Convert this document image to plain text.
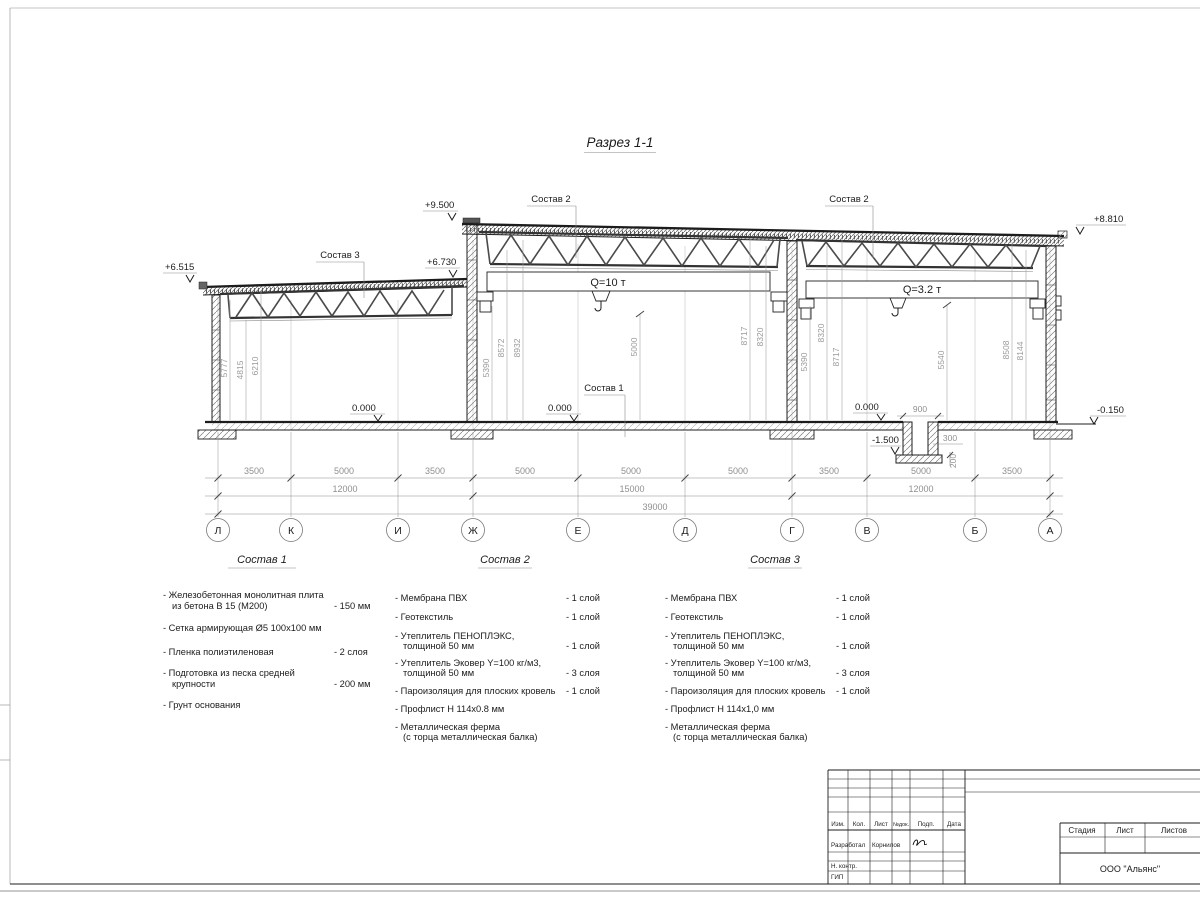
Разрез 1-1
Q=10 т
Q=3.2 т
900
300
200
+6.515
+9.500
+6.730
+8.810
-0.150
0.000	0.000	0.000
-1.500
5777 4815 6210	5390
8572 8932	5000
8717 8320
5390
8320
8717	5540
8508 8144
Состав 3
Состав 2	Состав 2
Состав 1
3500	5000	3500	5000	5000	5000	3500	5000	3500
12000	15000	12000
39000
Л	К	И	Ж	Е	Д	Г	В	Б	А
Состав 1
- Железобетонная монолитная плита
из бетона В 15 (М200)	- 150 мм
- Сетка армирующая Ø5 100х100 мм
- Пленка полиэтиленовая	- 2 слоя
- Подготовка из песка средней
крупности	- 200 мм
- Грунт основания
Состав 2
- Мембрана ПВХ	- 1 слой
- Геотекстиль	- 1 слой
- Утеплитель ПЕНОПЛЭКС,
толщиной 50 мм	- 1 слой
- Утеплитель Эковер Y=100 кг/м3,
толщиной 50 мм	- 3 слоя
- Пароизоляция для плоских кровель - 1 слой
- Профлист Н 114х0.8 мм
- Металлическая ферма
(с торца металлическая балка)
Состав 3
- Мембрана ПВХ	- 1 слой
- Геотекстиль	- 1 слой
- Утеплитель ПЕНОПЛЭКС,
толщиной 50 мм	- 1 слой
- Утеплитель Эковер Y=100 кг/м3,
толщиной 50 мм	- 3 слоя
- Пароизоляция для плоских кровель - 1 слой
- Профлист Н 114х1,0 мм
- Металлическая ферма
(с торца металлическая балка)
Изм. Кол. Лист №док. Подп. Дата
Разработал Корнилов
Н. контр.
ГИП
Стадия	Лист	Листов
ООО "Альянс"
